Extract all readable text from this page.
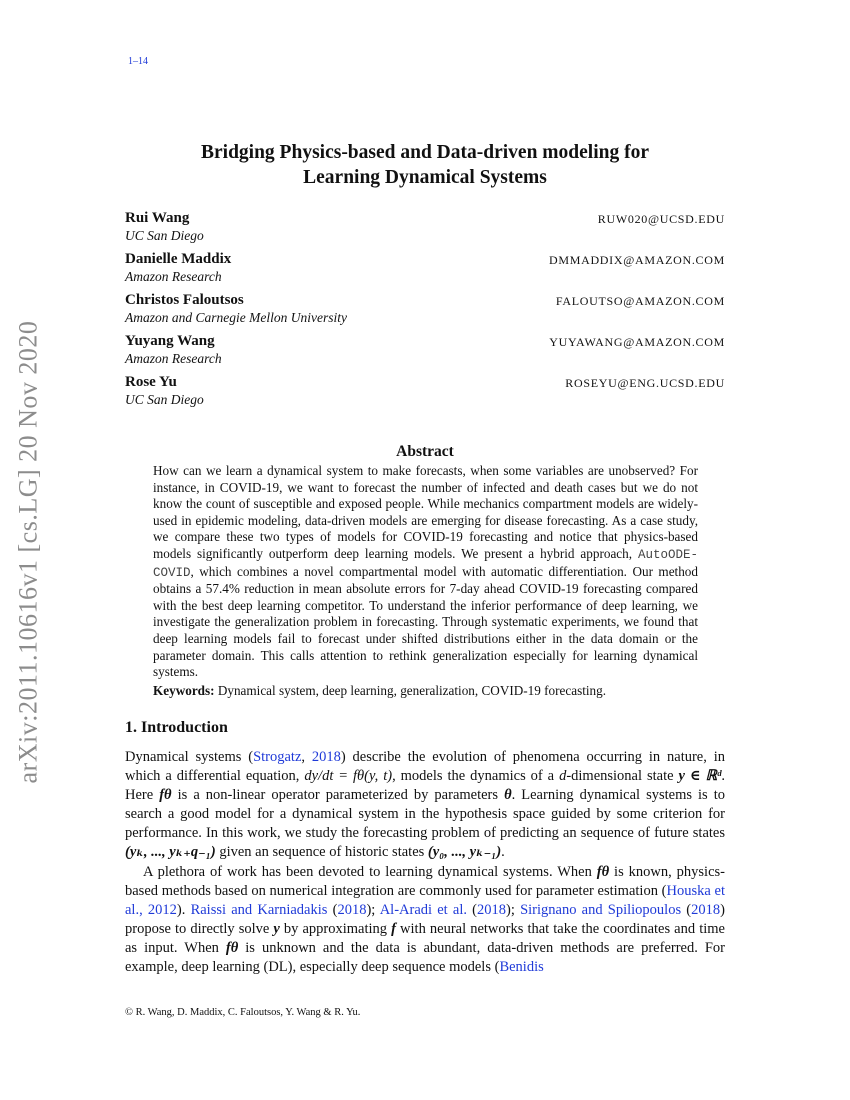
1–14
arXiv:2011.10616v1 [cs.LG] 20 Nov 2020
Bridging Physics-based and Data-driven modeling for
Learning Dynamical Systems
Rui Wang	RUW020@UCSD.EDU
UC San Diego
Danielle Maddix	DMMADDIX@AMAZON.COM
Amazon Research
Christos Faloutsos	FALOUTSO@AMAZON.COM
Amazon and Carnegie Mellon University
Yuyang Wang	YUYAWANG@AMAZON.COM
Amazon Research
Rose Yu	ROSEYU@ENG.UCSD.EDU
UC San Diego
Abstract

How can we learn a dynamical system to make forecasts, when some variables are unobserved? For instance, in COVID-19, we want to forecast the number of infected and death cases but we do not know the count of susceptible and exposed people. While mechanics compartment models are widely-used in epidemic modeling, data-driven models are emerging for disease forecasting. As a case study, we compare these two types of models for COVID-19 forecasting and notice that physics-based models significantly outperform deep learning models. We present a hybrid approach, AutoODE-COVID, which combines a novel compartmental model with automatic differentiation. Our method obtains a 57.4% reduction in mean absolute errors for 7-day ahead COVID-19 forecasting compared with the best deep learning competitor. To understand the inferior performance of deep learning, we investigate the generalization problem in forecasting. Through systematic experiments, we found that deep learning models fail to forecast under shifted distributions either in the data domain or the parameter domain. This calls attention to rethink generalization especially for learning dynamical systems.

Keywords: Dynamical system, deep learning, generalization, COVID-19 forecasting.
1. Introduction

Dynamical systems (Strogatz, 2018) describe the evolution of phenomena occurring in nature, in which a differential equation, dy/dt = fθ(y, t), models the dynamics of a d-dimensional state y ∈ ℝᵈ. Here fθ is a non-linear operator parameterized by parameters θ. Learning dynamical systems is to search a good model for a dynamical system in the hypothesis space guided by some criterion for performance. In this work, we study the forecasting problem of predicting an sequence of future states (yₖ, ..., yₖ₊q₋₁) given an sequence of historic states (y₀, ..., yₖ₋₁).

A plethora of work has been devoted to learning dynamical systems. When fθ is known, physics-based methods based on numerical integration are commonly used for parameter estimation (Houska et al., 2012). Raissi and Karniadakis (2018); Al-Aradi et al. (2018); Sirignano and Spiliopoulos (2018) propose to directly solve y by approximating f with neural networks that take the coordinates and time as input. When fθ is unknown and the data is abundant, data-driven methods are preferred. For example, deep learning (DL), especially deep sequence models (Benidis

© R. Wang, D. Maddix, C. Faloutsos, Y. Wang & R. Yu.
